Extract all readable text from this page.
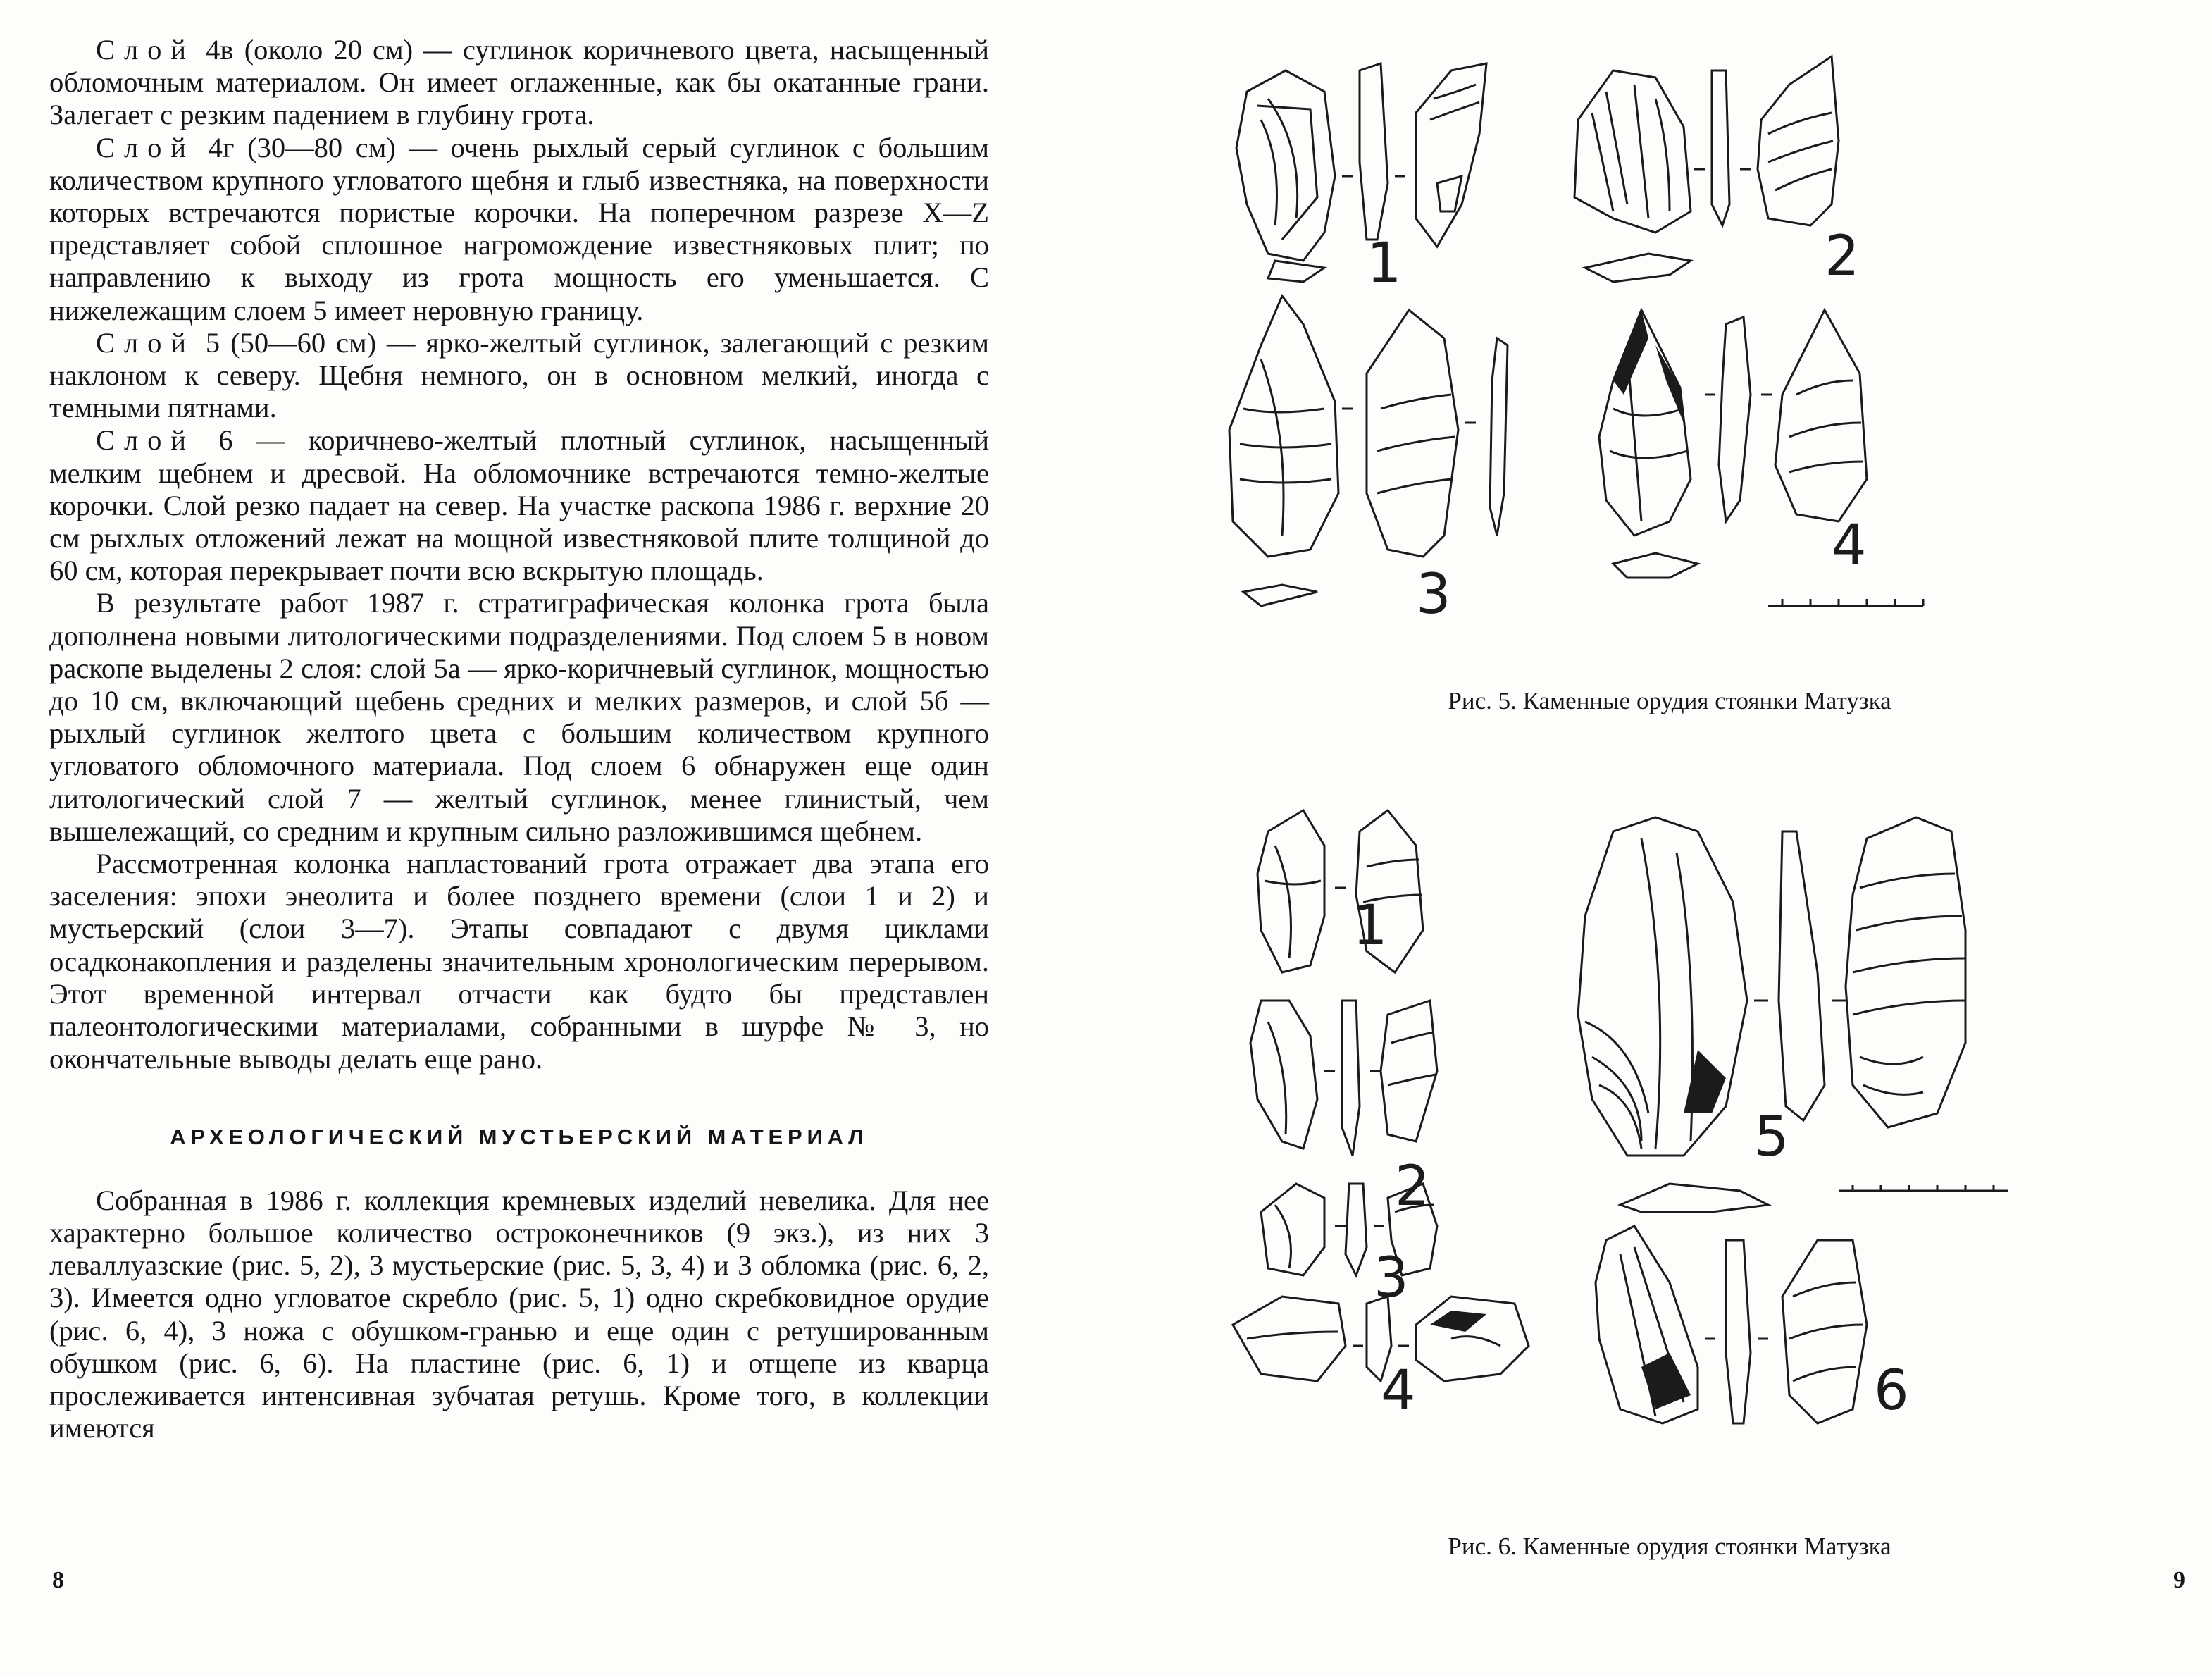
Слой 4в (около 20 см) — суглинок коричневого цвета, насыщенный обломочным материалом. Он имеет оглаженные, как бы окатанные грани. Залегает с резким падением в глубину грота.

Слой 4г (30—80 см) — очень рыхлый серый суглинок с большим количеством крупного угловатого щебня и глыб известняка, на поверхности которых встречаются пористые корочки. На поперечном разрезе X—Z представляет собой сплошное нагромождение известняковых плит; по направлению к выходу из грота мощность его уменьшается. С нижележащим слоем 5 имеет неровную границу.

Слой 5 (50—60 см) — ярко-желтый суглинок, залегающий с резким наклоном к северу. Щебня немного, он в основном мелкий, иногда с темными пятнами.

Слой 6 — коричнево-желтый плотный суглинок, насыщенный мелким щебнем и дресвой. На обломочнике встречаются темно-желтые корочки. Слой резко падает на север. На участке раскопа 1986 г. верхние 20 см рыхлых отложений лежат на мощной известняковой плите толщиной до 60 см, которая перекрывает почти всю вскрытую площадь.

В результате работ 1987 г. стратиграфическая колонка грота была дополнена новыми литологическими подразделениями. Под слоем 5 в новом раскопе выделены 2 слоя: слой 5а — ярко-коричневый суглинок, мощностью до 10 см, включающий щебень средних и мелких размеров, и слой 5б — рыхлый суглинок желтого цвета с большим количеством крупного угловатого обломочного материала. Под слоем 6 обнаружен еще один литологический слой 7 — желтый суглинок, менее глинистый, чем вышележащий, со средним и крупным сильно разложившимся щебнем.

Рассмотренная колонка напластований грота отражает два этапа его заселения: эпохи энеолита и более позднего времени (слои 1 и 2) и мустьерский (слои 3—7). Этапы совпадают с двумя циклами осадконакопления и разделены значительным хронологическим перерывом. Этот временной интервал отчасти как будто бы представлен палеонтологическими материалами, собранными в шурфе № 3, но окончательные выводы делать еще рано.

АРХЕОЛОГИЧЕСКИЙ МУСТЬЕРСКИЙ МАТЕРИАЛ

Собранная в 1986 г. коллекция кремневых изделий невелика. Для нее характерно большое количество остроконечников (9 экз.), из них 3 леваллуазские (рис. 5, 2), 3 мустьерские (рис. 5, 3, 4) и 3 обломка (рис. 6, 2, 3). Имеется одно угловатое скребло (рис. 5, 1) одно скребковидное орудие (рис. 6, 4), 3 ножа с обушком-гранью и еще один с ретушированным обушком (рис. 6, 6). На пластине (рис. 6, 1) и отщепе из кварца прослеживается интенсивная зубчатая ретушь. Кроме того, в коллекции имеются

8
1	2
3
4
Рис. 5. Каменные орудия стоянки Матузка
1
2
3
4
5
6
Рис. 6. Каменные орудия стоянки Матузка
9
